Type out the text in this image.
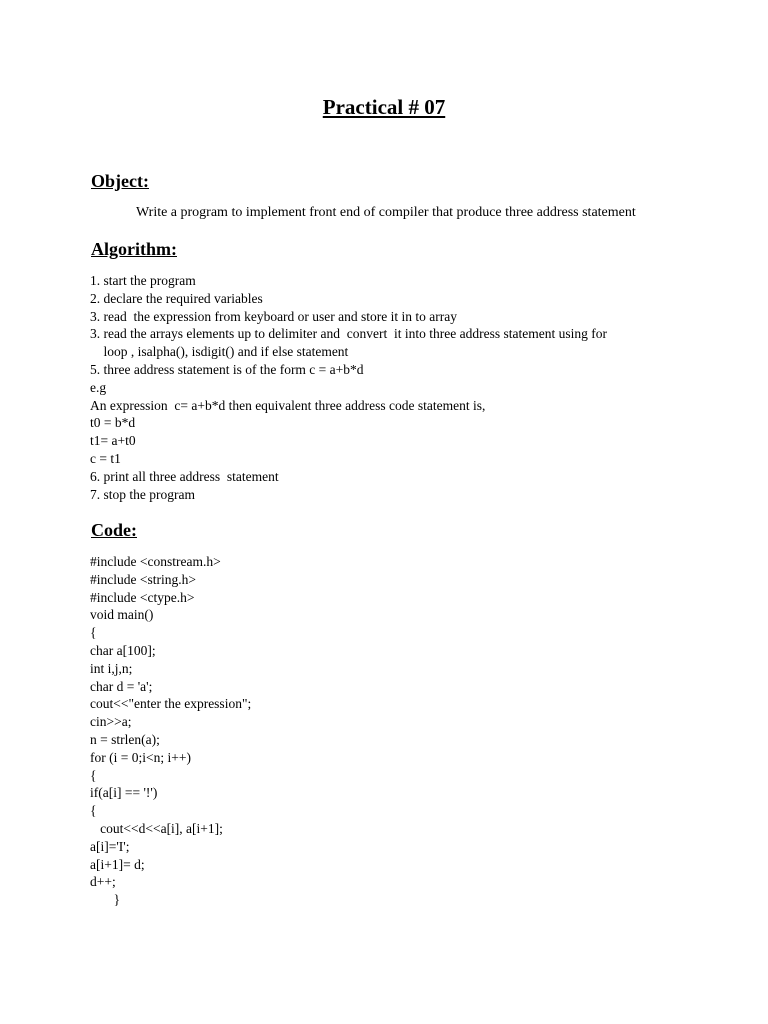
Practical # 07
Object:

Write a program to implement front end of compiler that produce three address statement

Algorithm:
1. start the program
2. declare the required variables
3. read  the expression from keyboard or user and store it in to array
3. read the arrays elements up to delimiter and  convert  it into three address statement using for
loop , isalpha(), isdigit() and if else statement
5. three address statement is of the form c = a+b*d
e.g
An expression  c= a+b*d then equivalent three address code statement is,
t0 = b*d
t1= a+t0
c = t1
6. print all three address  statement
7. stop the program
Code:
#include <constream.h>
#include <string.h>
#include <ctype.h>
void main()
{
char a[100];
int i,j,n;
char d = 'a';
cout<<"enter the expression";
cin>>a;
n = strlen(a);
for (i = 0;i<n; i++)
{
if(a[i] == '!')
{
cout<<d<<a[i], a[i+1];
a[i]='I';
a[i+1]= d;
d++;
}
